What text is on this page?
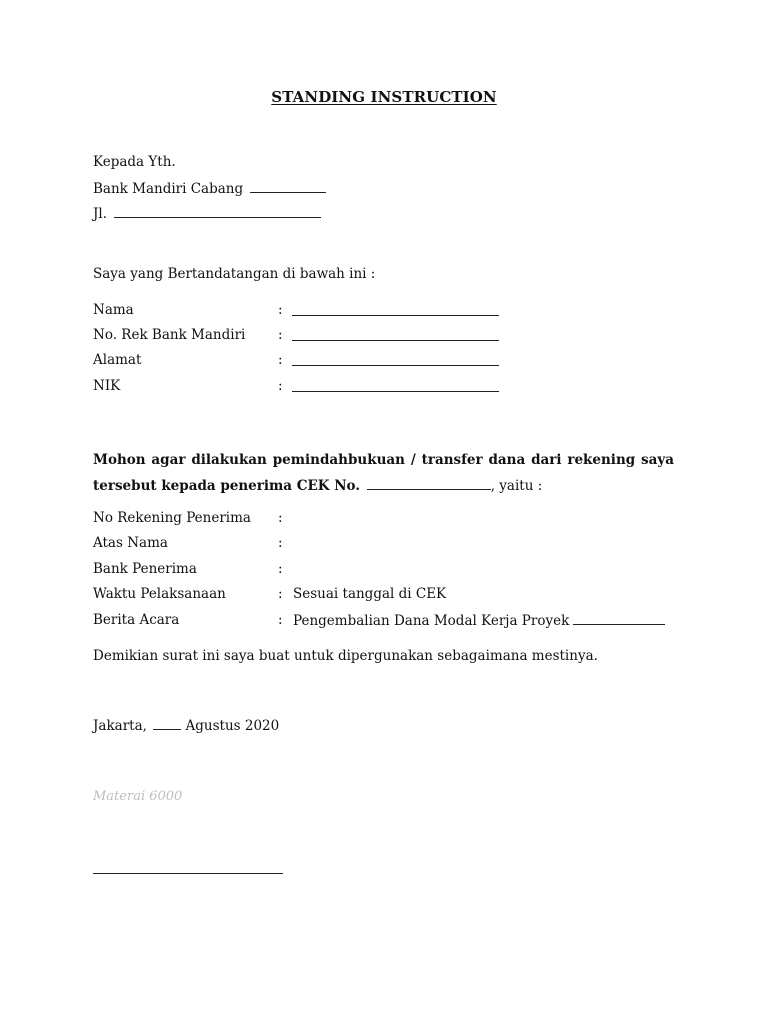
STANDING INSTRUCTION
Kepada Yth.
Bank Mandiri Cabang
Jl.
Saya yang Bertandatangan di bawah ini :
Nama	:
No. Rek Bank Mandiri :
Alamat	:
NIK	:
Mohon agar dilakukan pemindahbukuan / transfer dana dari rekening saya tersebut kepada penerima CEK No.	, yaitu :
No Rekening Penerima :
Atas Nama	:
Bank Penerima	:
Waktu Pelaksanaan	: Sesuai tanggal di CEK
Berita Acara	: Pengembalian Dana Modal Kerja Proyek
Demikian surat ini saya buat untuk dipergunakan sebagaimana mestinya.
Jakarta,	Agustus 2020
Materai 6000
